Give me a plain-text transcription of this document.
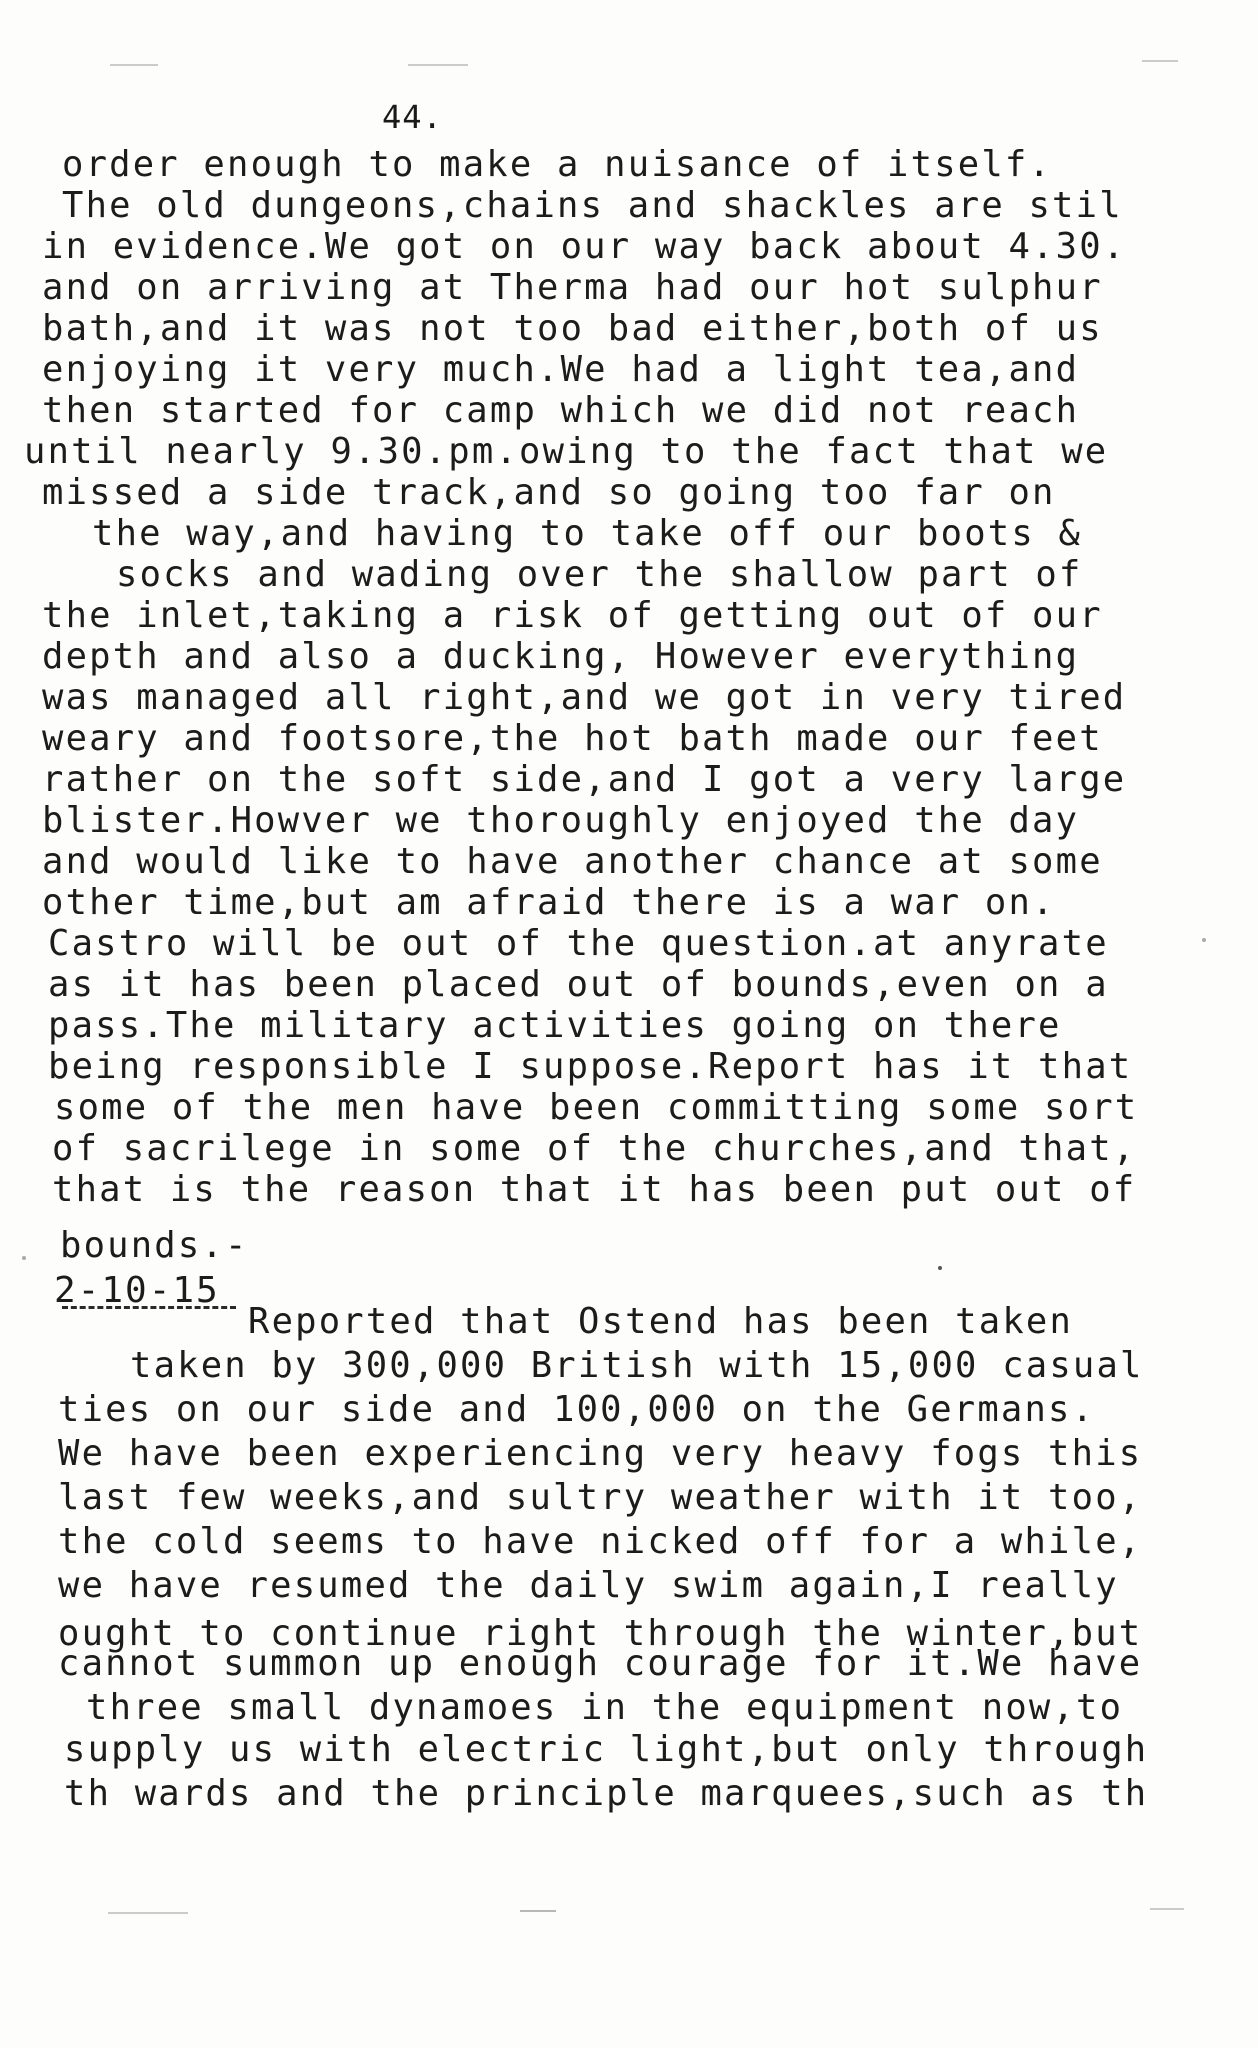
44.
order enough to make a nuisance of itself.
The old dungeons,chains and shackles are stil
in evidence.We got on our way back about 4.30.
and on arriving at Therma had our hot sulphur
bath,and it was not too bad either,both of us
enjoying it very much.We had a light tea,and
then started for camp which we did not reach
until nearly 9.30.pm.owing to the fact that we
missed a side track,and so going too far on
the way,and having to take off our boots &
socks and wading over the shallow part of
the inlet,taking a risk of getting out of our
depth and also a ducking, However everything
was managed all right,and we got in very tired
weary and footsore,the hot bath made our feet
rather on the soft side,and I got a very large
blister.Howver we thoroughly enjoyed the day
and would like to have another chance at some
other time,but am afraid there is a war on.
Castro will be out of the question.at anyrate
as it has been placed out of bounds,even on a
pass.The military activities going on there
being responsible I suppose.Report has it that
some of the men have been committing some sort
of sacrilege in some of the churches,and that,
that is the reason that it has been put out of
bounds.-
2-10-15
Reported that Ostend has been taken
taken by 300,000 British with 15,000 casual
ties on our side and 100,000 on the Germans.
We have been experiencing very heavy fogs this
last few weeks,and sultry weather with it too,
the cold seems to have nicked off for a while,
we have resumed the daily swim again,I really
ought to continue right through the winter,but
cannot summon up enough courage for it.We have
three small dynamoes in the equipment now,to
supply us with electric light,but only through
th wards and the principle marquees,such as th
